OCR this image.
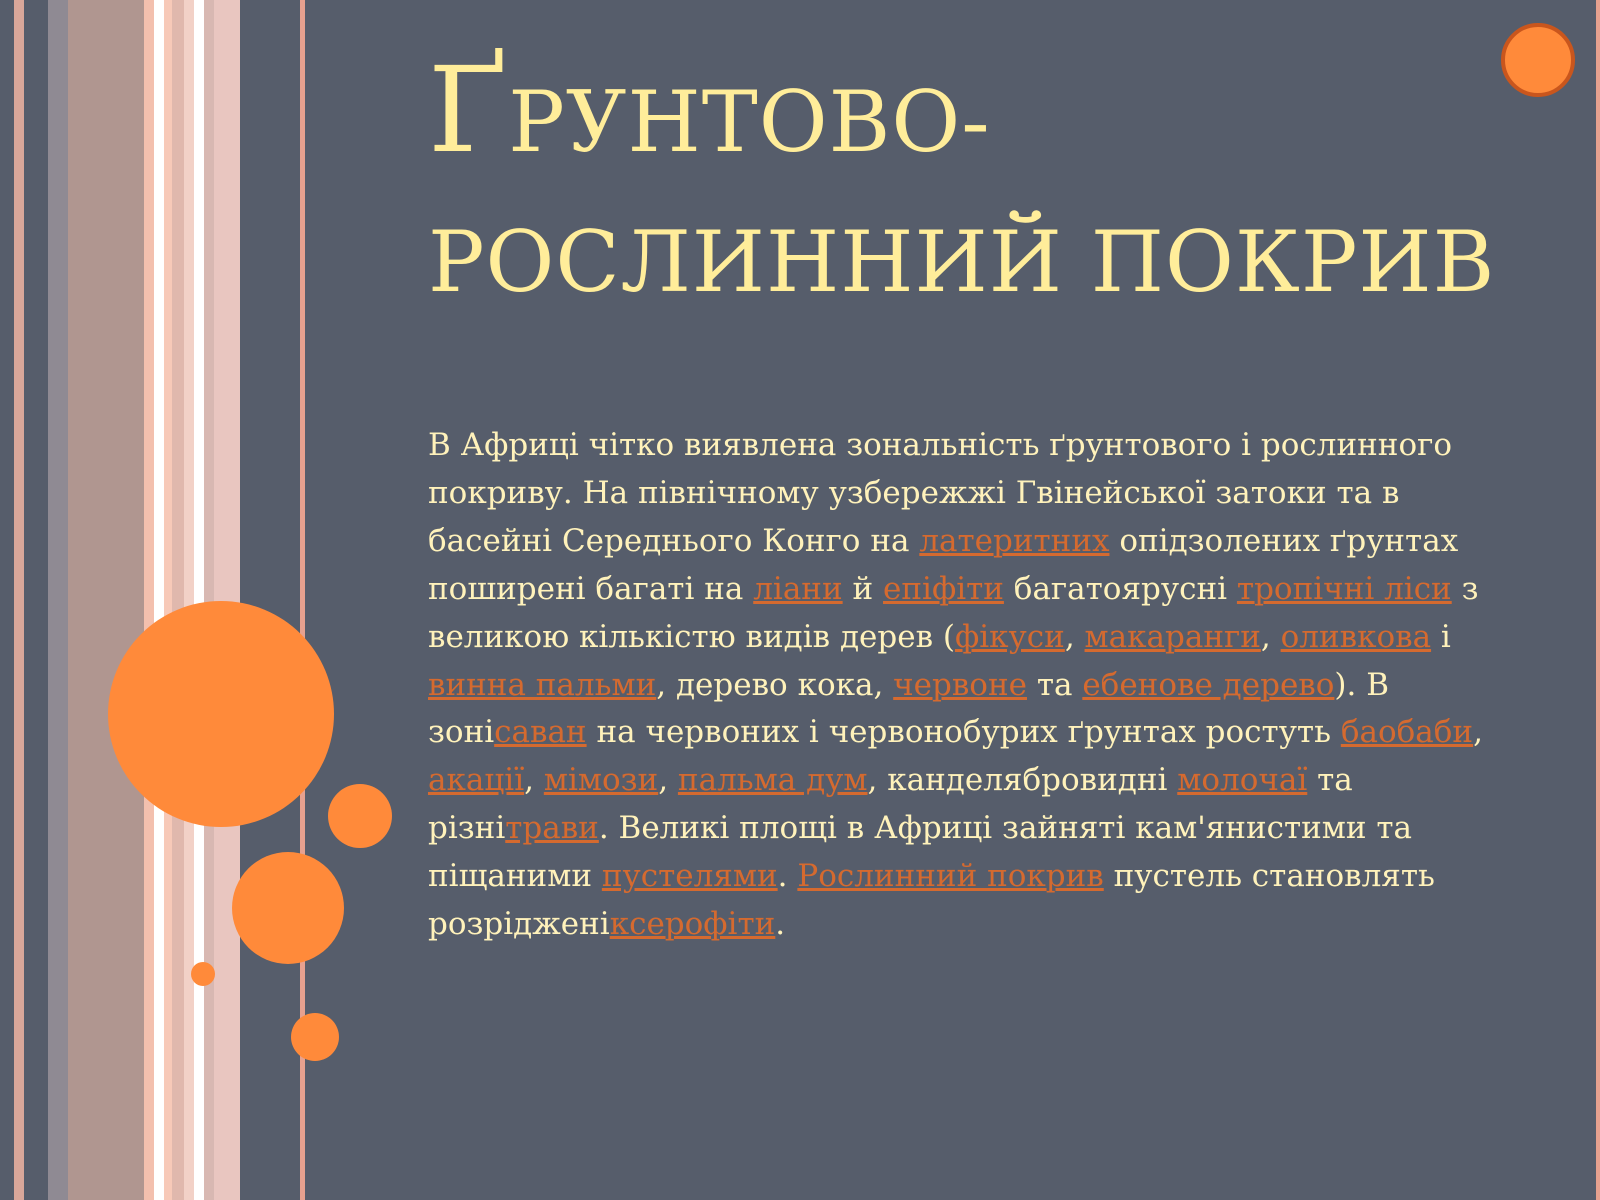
ҐРУНТОВО-
РОСЛИННИЙ ПОКРИВ

В Африці чітко виявлена зональність ґрунтового і рослинного покриву. На північному узбережжі Гвінейської затоки та в басейні Середнього Конго на латеритних опідзолених ґрунтах поширені багаті на ліани й епіфіти багатоярусні тропічні ліси з великою кількістю видів дерев (фікуси, макаранги, оливкова і винна пальми, дерево кока, червоне та ебенове дерево). В зонісаван на червоних і червонобурих ґрунтах ростуть баобаби, акації, мімози, пальма дум, канделябровидні молочаї та різнітрави. Великі площі в Африці зайняті кам'янистими та піщаними пустелями. Рослинний покрив пустель становлять розрідженіксерофіти.
